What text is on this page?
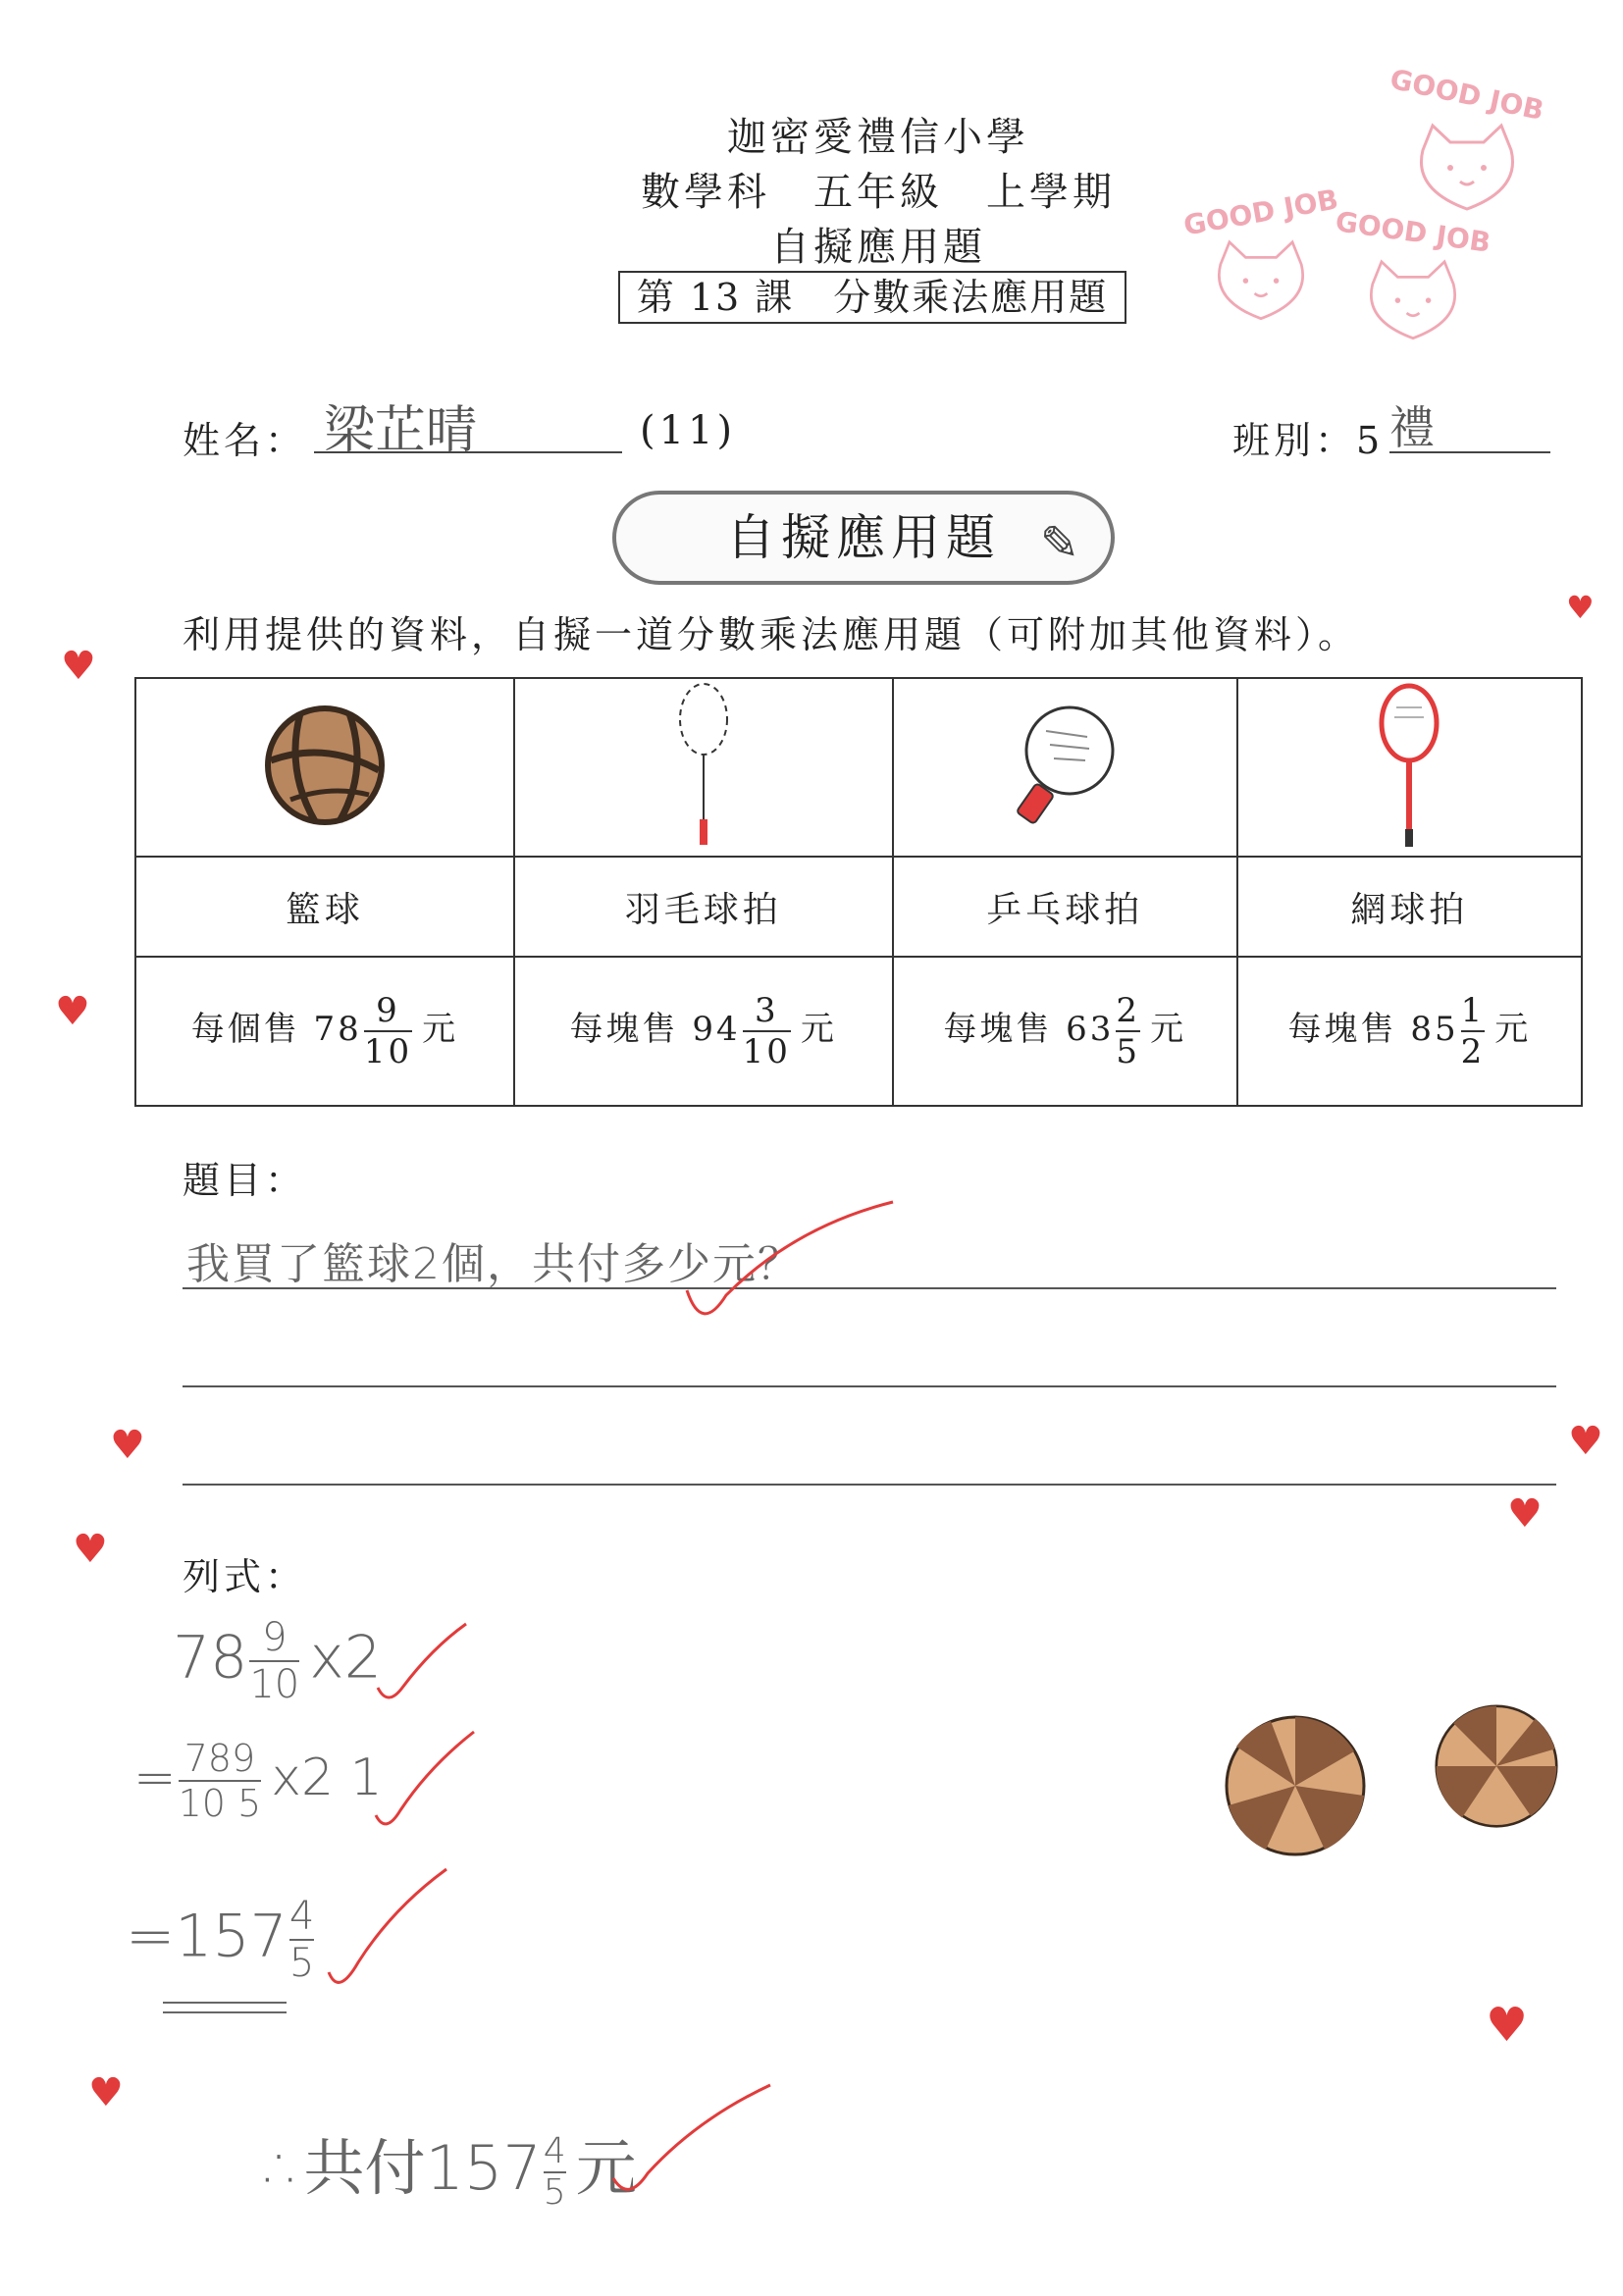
迦密愛禮信小學
數學科　五年級　上學期
自擬應用題
第 13 課　分數乘法應用題
GOOD JOB
GOOD JOB
GOOD JOB
姓名： 梁芷晴	(11)	班別：5 禮
自擬應用題 ✎
利用提供的資料，自擬一道分數乘法應用題（可附加其他資料）。

籃球	羽毛球拍	乒乓球拍	網球拍
每個售 $78 \frac{9}{10}$ 元	每塊售 $94 \frac{3}{10}$ 元	每塊售 $63 \frac{2}{5}$ 元	每塊售 $85 \frac{1}{2}$ 元
題目：
我買了籃球2個，共付多少元？
列式：
$78 \frac{9}{10} x2$
= $\frac{789}{10 5} x2$ 1
$=157 \frac{4}{5}$
∴共付$157 \frac{4}{5}$ 元
♥
♥
♥
♥
♥
♥
♥
♥
♥
